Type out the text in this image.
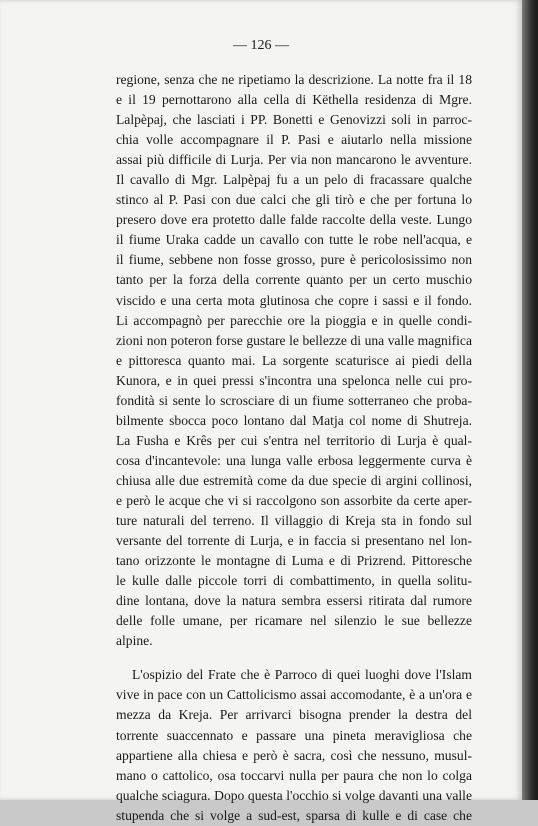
— 126 —
regione, senza che ne ripetiamo la descrizione. La notte fra il 18
e il 19 pernottarono alla cella di Këthella residenza di Mgre.
Lalpèpaj, che lasciati i PP. Bonetti e Genovizzi soli in parroc-
chia volle accompagnare il P. Pasi e aiutarlo nella missione
assai più difficile di Lurja. Per via non mancarono le avventure.
Il cavallo di Mgr. Lalpèpaj fu a un pelo di fracassare qualche
stinco al P. Pasi con due calci che gli tirò e che per fortuna lo
presero dove era protetto dalle falde raccolte della veste. Lungo
il fiume Uraka cadde un cavallo con tutte le robe nell'acqua, e
il fiume, sebbene non fosse grosso, pure è pericolosissimo non
tanto per la forza della corrente quanto per un certo muschio
viscido e una certa mota glutinosa che copre i sassi e il fondo.
Li accompagnò per parecchie ore la pioggia e in quelle condi-
zioni non poteron forse gustare le bellezze di una valle magnifica
e pittoresca quanto mai. La sorgente scaturisce ai piedi della
Kunora, e in quei pressi s'incontra una spelonca nelle cui pro-
fondità si sente lo scrosciare di un fiume sotterraneo che proba-
bilmente sbocca poco lontano dal Matja col nome di Shutreja.
La Fusha e Krês per cui s'entra nel territorio di Lurja è qual-
cosa d'incantevole: una lunga valle erbosa leggermente curva è
chiusa alle due estremità come da due specie di argini collinosi,
e però le acque che vi si raccolgono son assorbite da certe aper-
ture naturali del terreno. Il villaggio di Kreja sta in fondo sul
versante del torrente di Lurja, e in faccia si presentano nel lon-
tano orizzonte le montagne di Luma e di Prizrend. Pittoresche
le kulle dalle piccole torri di combattimento, in quella solitu-
dine lontana, dove la natura sembra essersi ritirata dal rumore
delle folle umane, per ricamare nel silenzio le sue bellezze
alpine.
L'ospizio del Frate che è Parroco di quei luoghi dove l'Islam
vive in pace con un Cattolicismo assai accomodante, è a un'ora e
mezza da Kreja. Per arrivarci bisogna prender la destra del
torrente suaccennato e passare una pineta meravigliosa che
appartiene alla chiesa e però è sacra, così che nessuno, musul-
mano o cattolico, osa toccarvi nulla per paura che non lo colga
qualche sciagura. Dopo questa l'occhio si volge davanti una valle
stupenda che si volge a sud-est, sparsa di kulle e di case che
